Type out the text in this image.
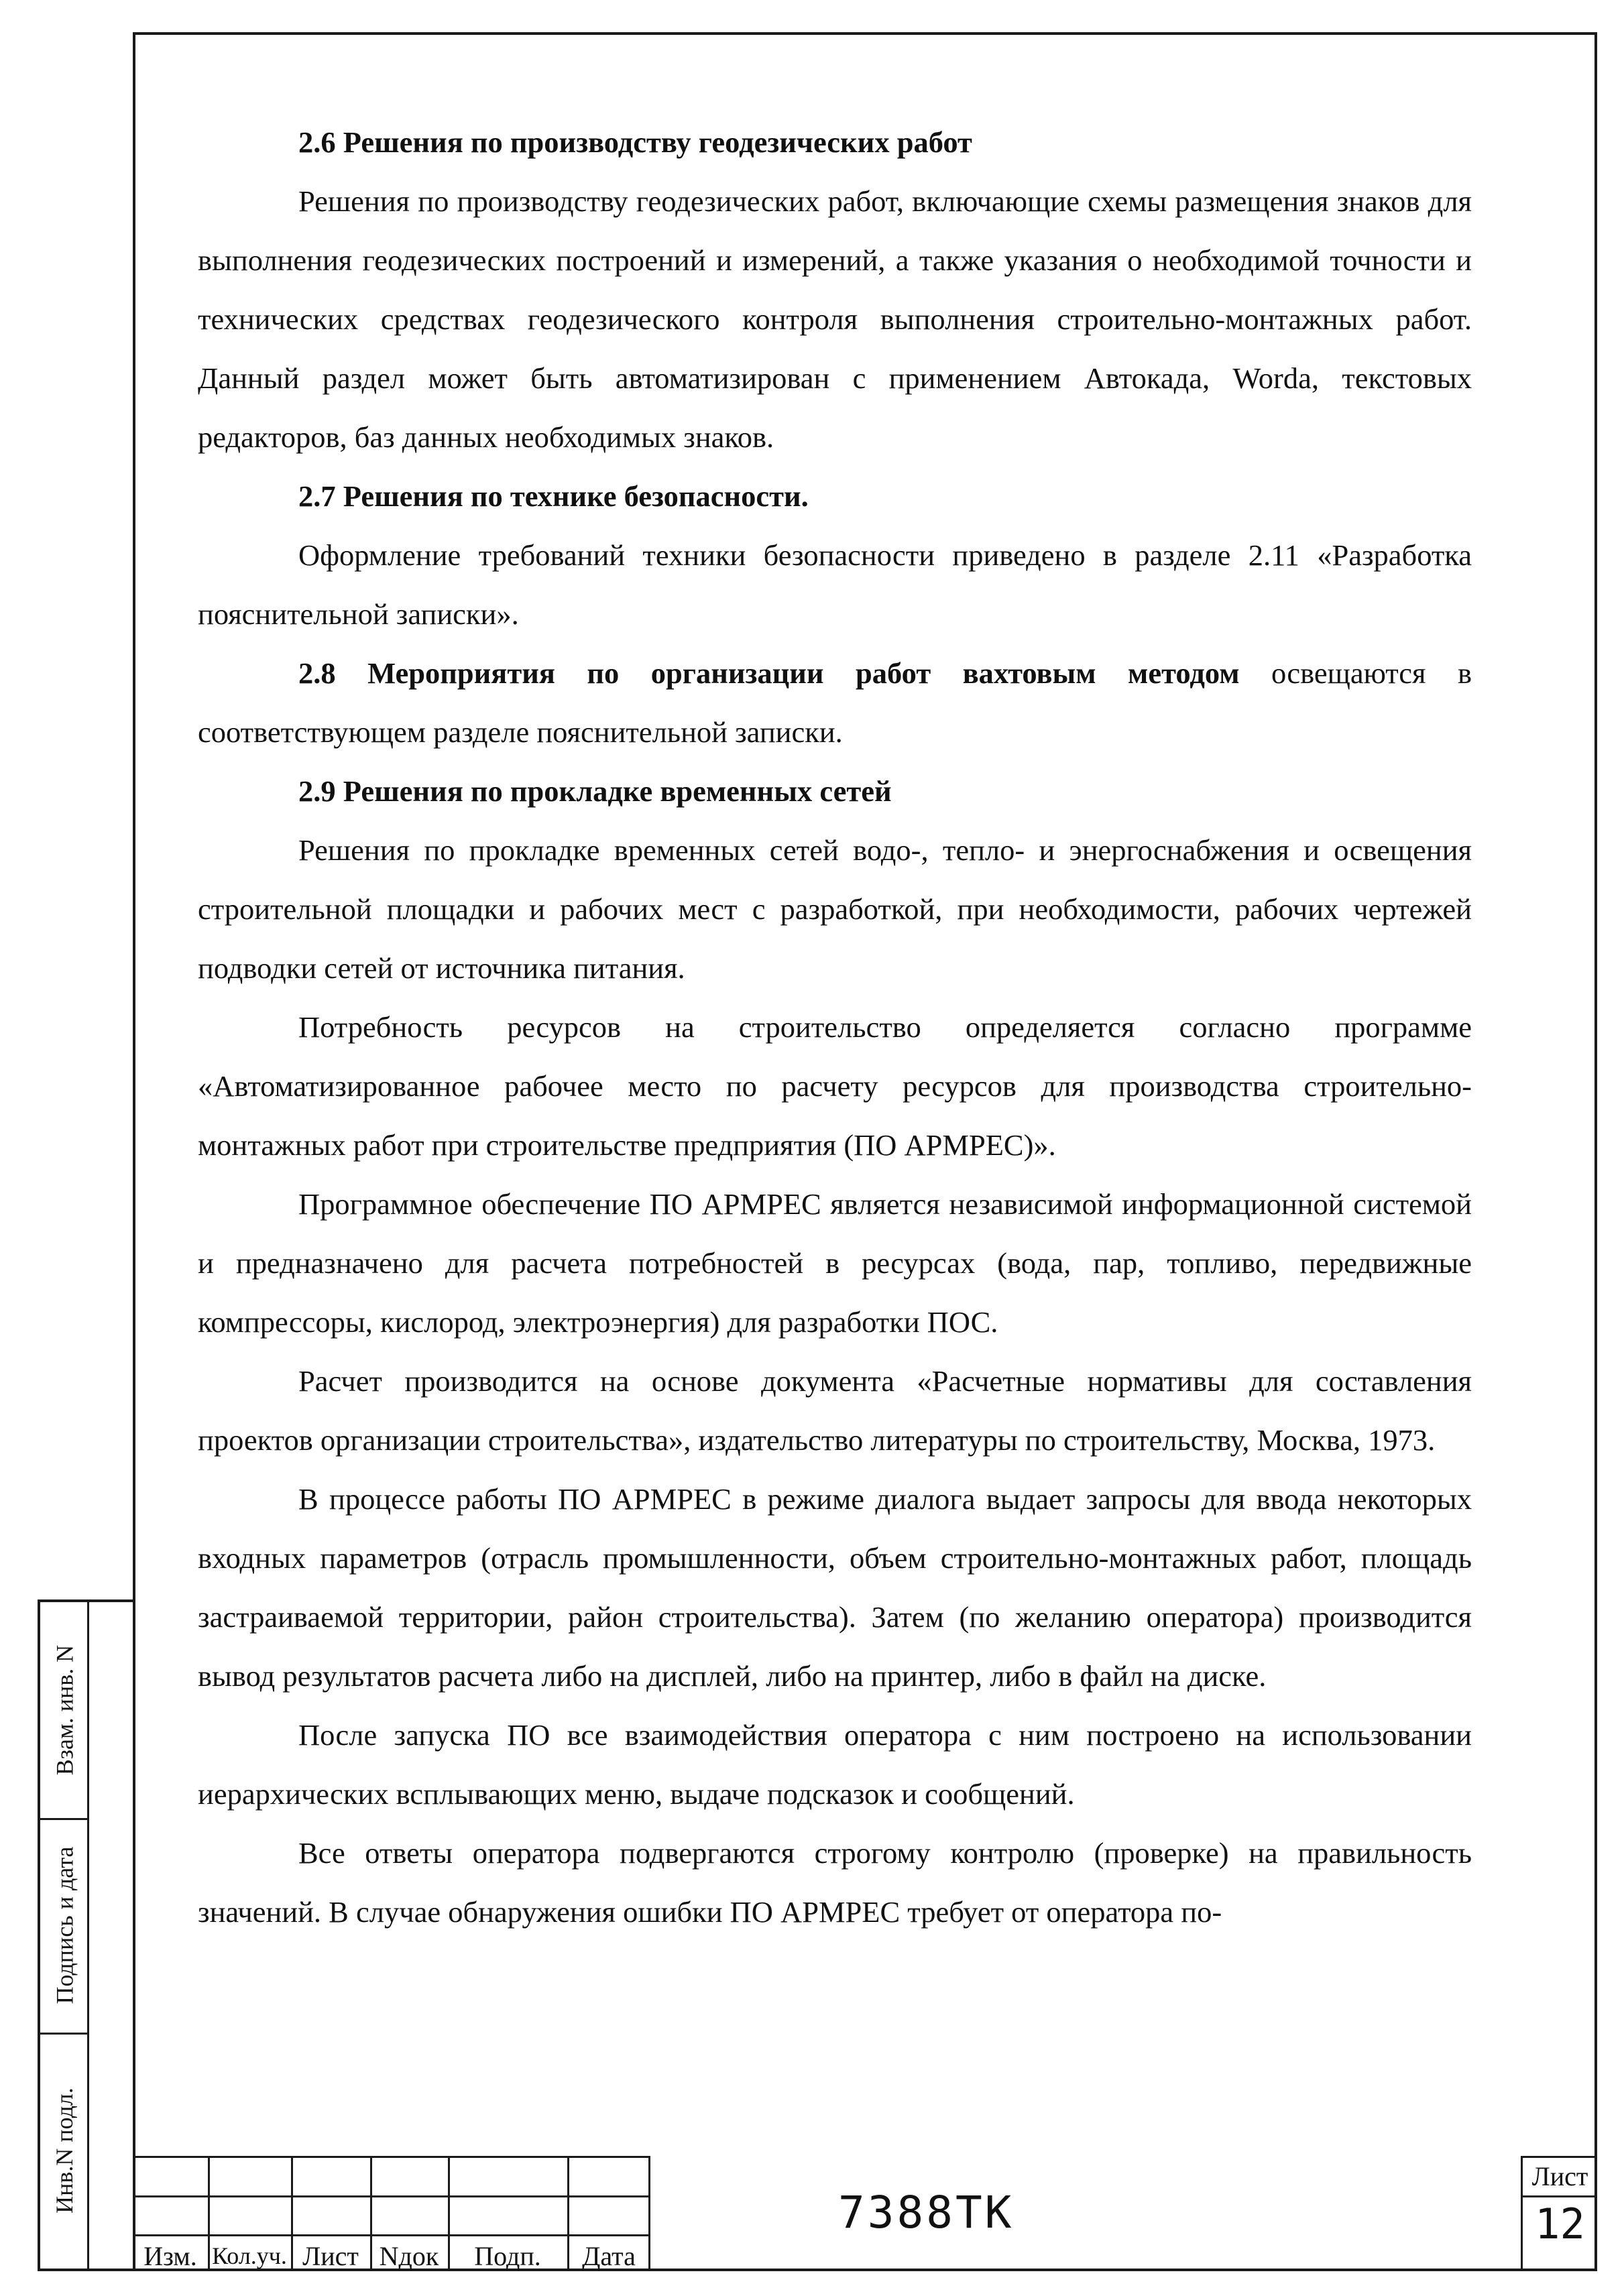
2.6 Решения по производству геодезических работ

Решения по производству геодезических работ, включающие схемы размещения знаков для выполнения геодезических построений и измерений, а также указания о необходимой точности и технических средствах геодезического контроля выполнения строительно-монтажных работ. Данный раздел может быть автоматизирован с применением Автокада, Worda, текстовых редакторов, баз данных необходимых знаков.

2.7 Решения по технике безопасности.

Оформление требований техники безопасности приведено в разделе 2.11 «Разработка пояснительной записки».

2.8 Мероприятия по организации работ вахтовым методом освещаются в соответствующем разделе пояснительной записки.

2.9 Решения по прокладке временных сетей

Решения по прокладке временных сетей водо-, тепло- и энергоснабжения и освещения строительной площадки и рабочих мест с разработкой, при необходимости, рабочих чертежей подводки сетей от источника питания.

Потребность ресурсов на строительство определяется согласно программе «Автоматизированное рабочее место по расчету ресурсов для производства строительно-монтажных работ при строительстве предприятия (ПО АРМРЕС)».

Программное обеспечение ПО АРМРЕС является независимой информационной системой и предназначено для расчета потребностей в ресурсах (вода, пар, топливо, передвижные компрессоры, кислород, электроэнергия) для разработки ПОС.

Расчет производится на основе документа «Расчетные нормативы для составления проектов организации строительства», издательство литературы по строительству, Москва, 1973.

В процессе работы ПО АРМРЕС в режиме диалога выдает запросы для ввода некоторых входных параметров (отрасль промышленности, объем строительно-монтажных работ, площадь застраиваемой территории, район строительства). Затем (по желанию оператора) производится вывод результатов расчета либо на дисплей, либо на принтер, либо в файл на диске.

После запуска ПО все взаимодействия оператора с ним построено на использовании иерархических всплывающих меню, выдаче подсказок и сообщений.

Все ответы оператора подвергаются строгому контролю (проверке) на правильность значений. В случае обнаружения ошибки ПО АРМРЕС требует от оператора по-

Взам. инв. N
Подпись и дата
Инв.N подл.
Изм. Кол.уч. Лист Nдок	Подп.	Дата
7388ТК
Лист
12
